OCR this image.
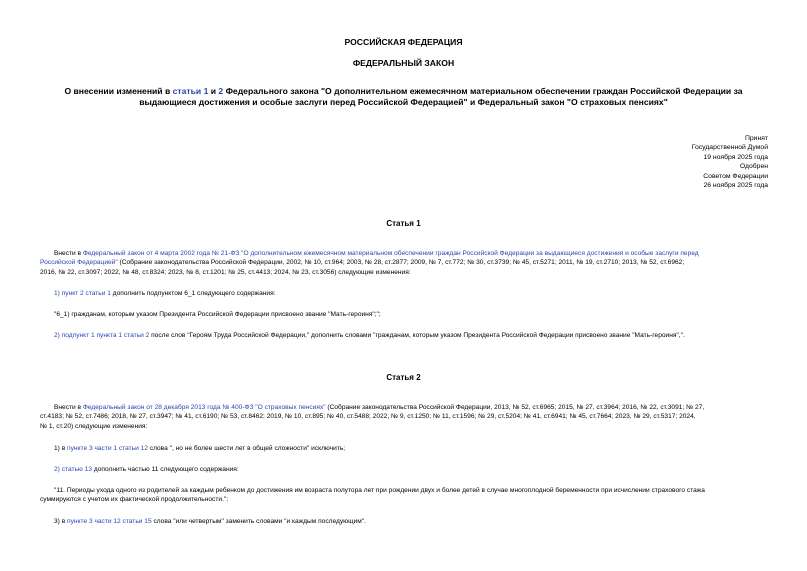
РОССИЙСКАЯ ФЕДЕРАЦИЯ
ФЕДЕРАЛЬНЫЙ ЗАКОН
О внесении изменений в статьи 1 и 2 Федерального закона "О дополнительном ежемесячном материальном обеспечении граждан Российской Федерации за
выдающиеся достижения и особые заслуги перед Российской Федерацией" и Федеральный закон "О страховых пенсиях"
Принят
Государственной Думой
19 ноября 2025 года
Одобрен
Советом Федерации
26 ноября 2025 года
Статья 1
Внести в Федеральный закон от 4 марта 2002 года № 21-ФЗ "О дополнительном ежемесячном материальном обеспечении граждан Российской Федерации за выдающиеся достижения и особые заслуги перед
Российской Федерацией" (Собрание законодательства Российской Федерации, 2002, № 10, ст.964; 2003, № 28, ст.2877; 2009, № 7, ст.772; № 30, ст.3739; № 45, ст.5271; 2011, № 19, ст.2710; 2013, № 52, ст.6962;
2016, № 22, ст.3097; 2022, № 48, ст.8324; 2023, № 8, ст.1201; № 25, ст.4413; 2024, № 23, ст.3056) следующие изменения:
1) пункт 2 статьи 1 дополнить подпунктом 6_1 следующего содержания:
"6_1) гражданам, которым указом Президента Российской Федерации присвоено звание "Мать-героиня";";
2) подпункт 1 пункта 1 статьи 2 после слов "Героям Труда Российской Федерации," дополнить словами "гражданам, которым указом Президента Российской Федерации присвоено звание "Мать-героиня",".
Статья 2
Внести в Федеральный закон от 28 декабря 2013 года № 400-ФЗ "О страховых пенсиях" (Собрание законодательства Российской Федерации, 2013, № 52, ст.6965; 2015, № 27, ст.3964; 2016, № 22, ст.3091; № 27,
ст.4183; № 52, ст.7486; 2018, № 27, ст.3947; № 41, ст.6190; № 53, ст.8462; 2019, № 10, ст.895; № 40, ст.5488; 2022, № 9, ст.1250; № 11, ст.1596; № 29, ст.5204; № 41, ст.6941; № 45, ст.7664; 2023, № 29, ст.5317; 2024,
№ 1, ст.20) следующие изменения:
1) в пункте 3 части 1 статьи 12 слова ", но не более шести лет в общей сложности" исключить;
2) статью 13 дополнить частью 11 следующего содержания:
"11. Периоды ухода одного из родителей за каждым ребенком до достижения им возраста полутора лет при рождении двух и более детей в случае многоплодной беременности при исчислении страхового стажа
суммируются с учетом их фактической продолжительности.";
3) в пункте 3 части 12 статьи 15 слова "или четвертым" заменить словами "и каждым последующим".
